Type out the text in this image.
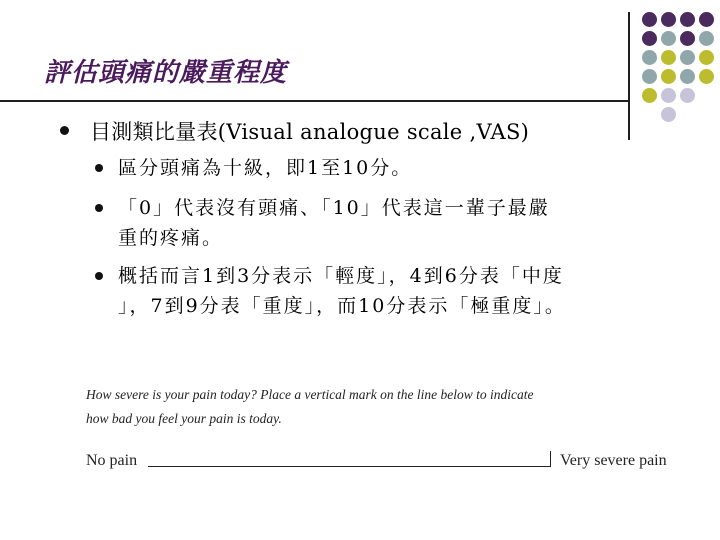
評估頭痛的嚴重程度
目測類比量表(Visual analogue scale ,VAS)
區分頭痛為十級，即1至10分。
「0」代表沒有頭痛、「10」代表這一輩子最嚴
重的疼痛。
概括而言1到3分表示「輕度」，4到6分表「中度
」，7到9分表「重度」，而10分表示「極重度」。
How severe is your pain today? Place a vertical mark on the line below to indicate
how bad you feel your pain is today.
No pain	Very severe pain
